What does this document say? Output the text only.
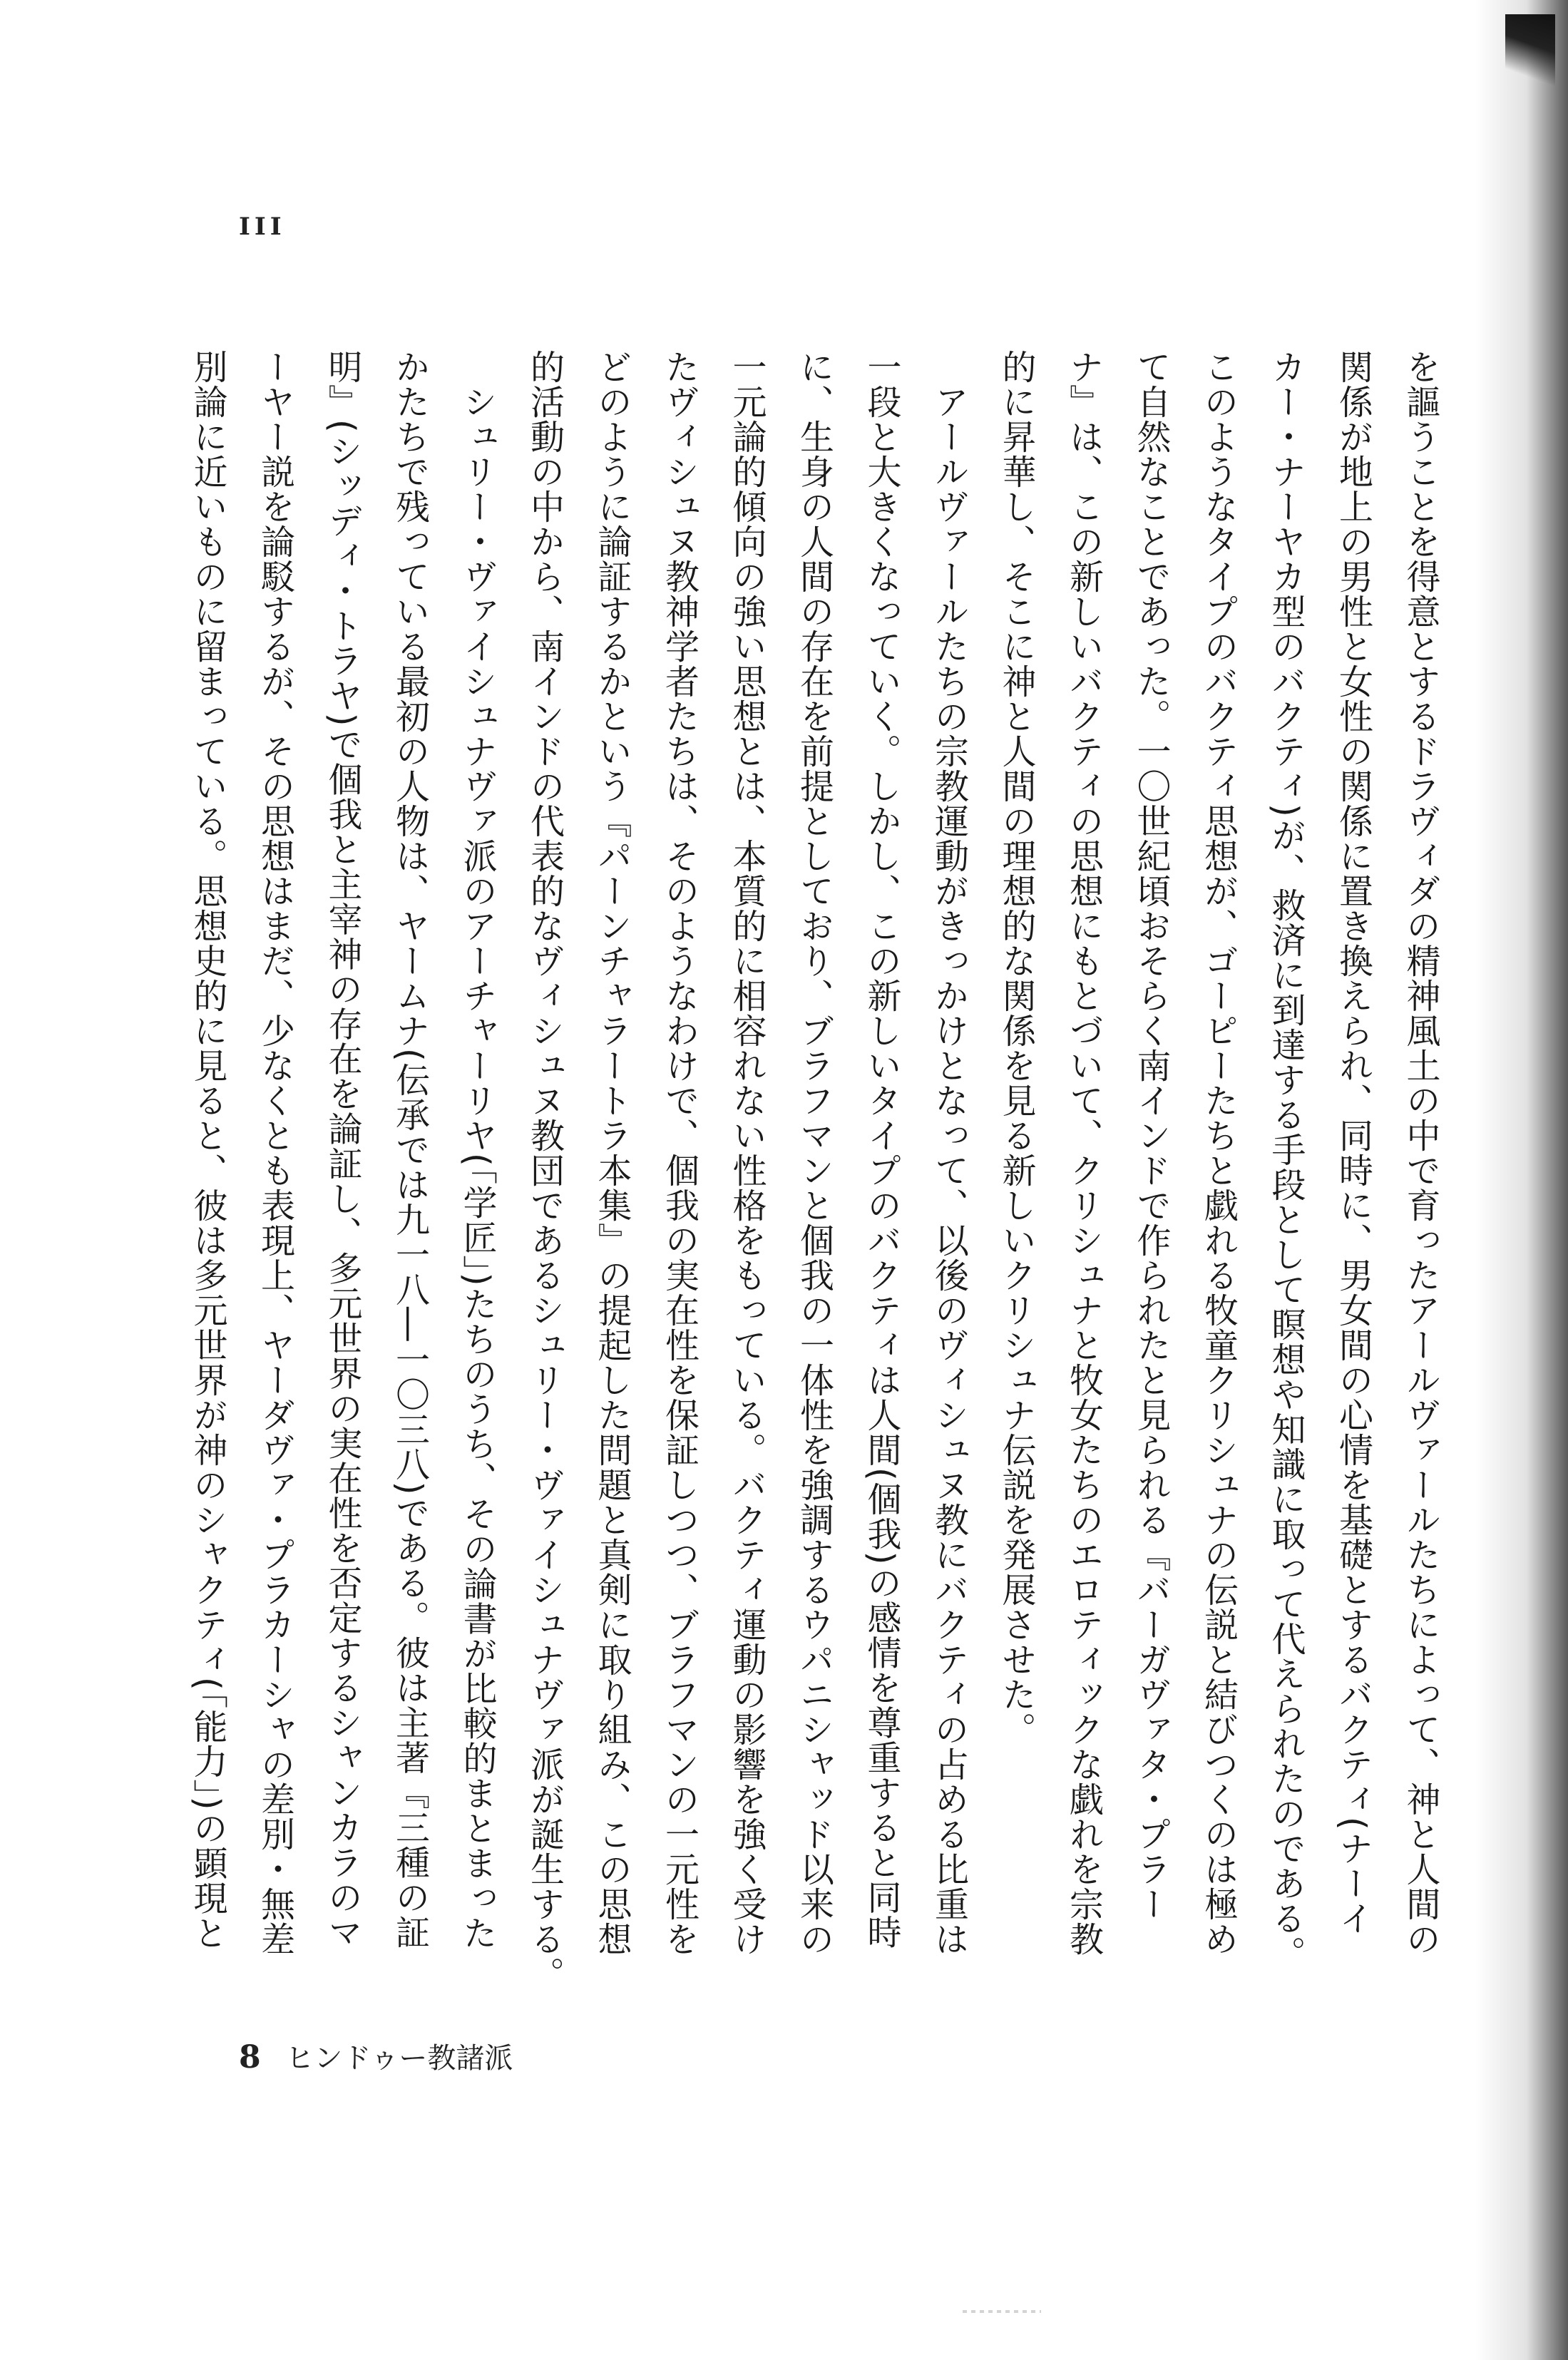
III
を謳うことを得意とするドラヴィダの精神風土の中で育ったアールヴァールたちによって、神と人間の
関係が地上の男性と女性の関係に置き換えられ、同時に、男女間の心情を基礎とするバクティ(ナーイ
カー・ナーヤカ型のバクティ)が、救済に到達する手段として瞑想や知識に取って代えられたのである。
このようなタイプのバクティ思想が、ゴーピーたちと戯れる牧童クリシュナの伝説と結びつくのは極め
て自然なことであった。一〇世紀頃おそらく南インドで作られたと見られる『バーガヴァタ・プラー
ナ』は、この新しいバクティの思想にもとづいて、クリシュナと牧女たちのエロティックな戯れを宗教
的に昇華し、そこに神と人間の理想的な関係を見る新しいクリシュナ伝説を発展させた。
　アールヴァールたちの宗教運動がきっかけとなって、以後のヴィシュヌ教にバクティの占める比重は
一段と大きくなっていく。しかし、この新しいタイプのバクティは人間(個我)の感情を尊重すると同時
に、生身の人間の存在を前提としており、ブラフマンと個我の一体性を強調するウパニシャッド以来の
一元論的傾向の強い思想とは、本質的に相容れない性格をもっている。バクティ運動の影響を強く受け
たヴィシュヌ教神学者たちは、そのようなわけで、個我の実在性を保証しつつ、ブラフマンの一元性を
どのように論証するかという『パーンチャラートラ本集』の提起した問題と真剣に取り組み、この思想
的活動の中から、南インドの代表的なヴィシュヌ教団であるシュリー・ヴァイシュナヴァ派が誕生する。
　シュリー・ヴァイシュナヴァ派のアーチャーリヤ(「学匠」)たちのうち、その論書が比較的まとまった
かたちで残っている最初の人物は、ヤームナ(伝承では九一八―一〇三八)である。彼は主著『三種の証
明』(シッディ・トラヤ)で個我と主宰神の存在を論証し、多元世界の実在性を否定するシャンカラのマ
ーヤー説を論駁するが、その思想はまだ、少なくとも表現上、ヤーダヴァ・プラカーシャの差別・無差
別論に近いものに留まっている。思想史的に見ると、彼は多元世界が神のシャクティ(「能力」)の顕現と
8 ヒンドゥー教諸派
